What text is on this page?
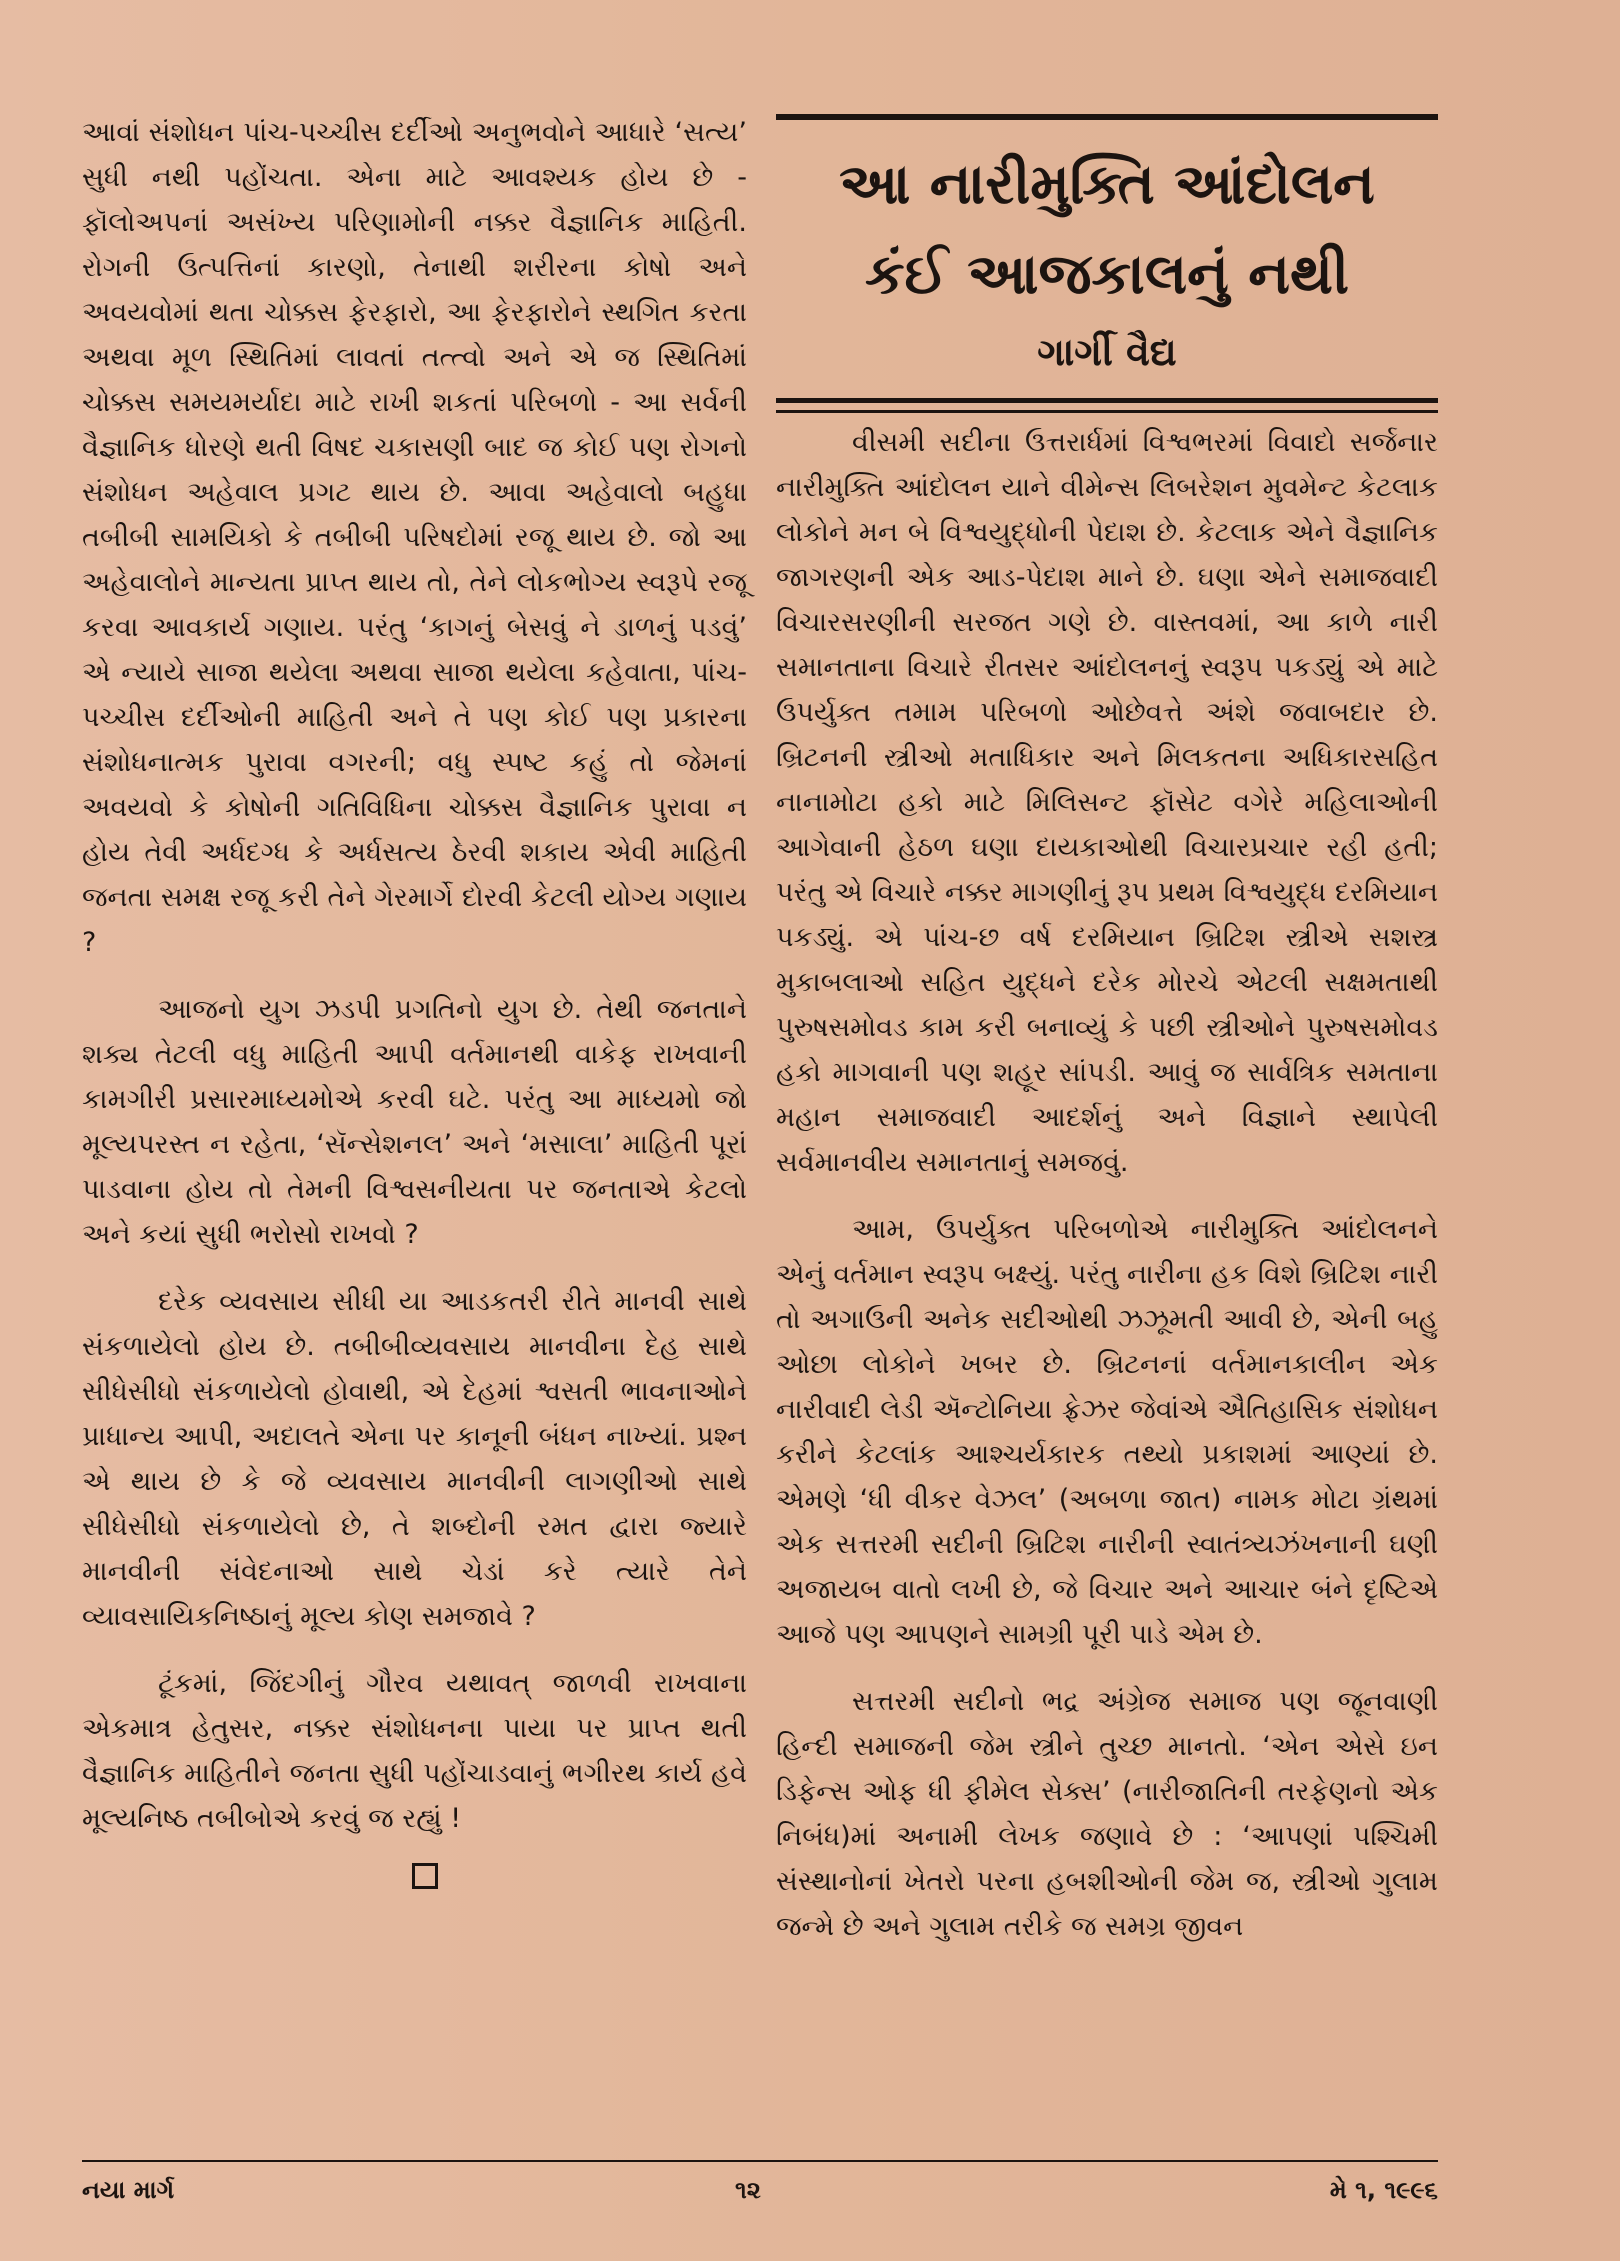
આવાં સંશોધન પાંચ-પચ્ચીસ દર્દીઓ અનુભવોને આધારે ‘સત્ય’ સુધી નથી પહોંચતા. એના માટે આવશ્યક હોય છે - ફૉલોઅપનાં અસંખ્ય પરિણામોની નક્કર વૈજ્ઞાનિક માહિતી. રોગની ઉત્પત્તિનાં કારણો, તેનાથી શરીરના કોષો અને અવયવોમાં થતા ચોક્કસ ફેરફારો, આ ફેરફારોને સ્થગિત કરતા અથવા મૂળ સ્થિતિમાં લાવતાં તત્ત્વો અને એ જ સ્થિતિમાં ચોક્કસ સમયમર્યાદા માટે રાખી શકતાં પરિબળો - આ સર્વની વૈજ્ઞાનિક ધોરણે થતી વિષદ ચકાસણી બાદ જ કોઈ પણ રોગનો સંશોધન અહેવાલ પ્રગટ થાય છે. આવા અહેવાલો બહુધા તબીબી સામયિકો કે તબીબી પરિષદોમાં રજૂ થાય છે. જો આ અહેવાલોને માન્યતા પ્રાપ્ત થાય તો, તેને લોકભોગ્ય સ્વરૂપે રજૂ કરવા આવકાર્ય ગણાય. પરંતુ ‘કાગનું બેસવું ને ડાળનું પડવું’ એ ન્યાયે સાજા થયેલા અથવા સાજા થયેલા કહેવાતા, પાંચ-પચ્ચીસ દર્દીઓની માહિતી અને તે પણ કોઈ પણ પ્રકારના સંશોધનાત્મક પુરાવા વગરની; વધુ સ્પષ્ટ કહું તો જેમનાં અવયવો કે કોષોની ગતિવિધિના ચોક્કસ વૈજ્ઞાનિક પુરાવા ન હોય તેવી અર્ધદગ્ધ કે અર્ધસત્ય ઠેરવી શકાય એવી માહિતી જનતા સમક્ષ રજૂ કરી તેને ગેરમાર્ગે દોરવી કેટલી યોગ્ય ગણાય ?

આજનો યુગ ઝડપી પ્રગતિનો યુગ છે. તેથી જનતાને શક્ય તેટલી વધુ માહિતી આપી વર્તમાનથી વાકેફ રાખવાની કામગીરી પ્રસારમાધ્યમોએ કરવી ઘટે. પરંતુ આ માધ્યમો જો મૂલ્યપરસ્ત ન રહેતા, ‘સૅન્સેશનલ’ અને ‘મસાલા’ માહિતી પૂરાં પાડવાના હોય તો તેમની વિશ્વસનીયતા પર જનતાએ કેટલો અને કયાં સુધી ભરોસો રાખવો ?

દરેક વ્યવસાય સીધી યા આડકતરી રીતે માનવી સાથે સંકળાયેલો હોય છે. તબીબીવ્યવસાય માનવીના દેહ સાથે સીધેસીધો સંકળાયેલો હોવાથી, એ દેહમાં શ્વસતી ભાવનાઓને પ્રાધાન્ય આપી, અદાલતે એના પર કાનૂની બંધન નાખ્યાં. પ્રશ્ન એ થાય છે કે જે વ્યવસાય માનવીની લાગણીઓ સાથે સીધેસીધો સંકળાયેલો છે, તે શબ્દોની રમત દ્વારા જ્યારે માનવીની સંવેદનાઓ સાથે ચેડાં કરે ત્યારે તેને વ્યાવસાયિકનિષ્ઠાનું મૂલ્ય કોણ સમજાવે ?

ટૂંકમાં, જિંદગીનું ગૌરવ યથાવત્ જાળવી રાખવાના એકમાત્ર હેતુસર, નક્કર સંશોધનના પાયા પર પ્રાપ્ત થતી વૈજ્ઞાનિક માહિતીને જનતા સુધી પહોંચાડવાનું ભગીરથ કાર્ય હવે મૂલ્યનિષ્ઠ તબીબોએ કરવું જ રહ્યું !

આ નારીમુક્તિ આંદોલન
કંઈ આજકાલનું નથી
ગાર્ગી વૈદ્ય

વીસમી સદીના ઉત્તરાર્ધમાં વિશ્વભરમાં વિવાદો સર્જનાર નારીમુક્તિ આંદોલન યાને વીમેન્સ લિબરેશન મુવમેન્ટ કેટલાક લોકોને મન બે વિશ્વયુદ્ધોની પેદાશ છે. કેટલાક એને વૈજ્ઞાનિક જાગરણની એક આડ-પેદાશ માને છે. ઘણા એને સમાજવાદી વિચારસરણીની સરજત ગણે છે. વાસ્તવમાં, આ કાળે નારી સમાનતાના વિચારે રીતસર આંદોલનનું સ્વરૂપ પકડ્યું એ માટે ઉપર્યુક્ત તમામ પરિબળો ઓછેવત્તે અંશે જવાબદાર છે. બ્રિટનની સ્ત્રીઓ મતાધિકાર અને મિલકતના અધિકારસહિત નાનામોટા હકો માટે મિલિસન્ટ ફૉસેટ વગેરે મહિલાઓની આગેવાની હેઠળ ઘણા દાયકાઓથી વિચારપ્રચાર રહી હતી; પરંતુ એ વિચારે નક્કર માગણીનું રૂપ પ્રથમ વિશ્વયુદ્ધ દરમિયાન પકડ્યું. એ પાંચ-છ વર્ષ દરમિયાન બ્રિટિશ સ્ત્રીએ સશસ્ત્ર મુકાબલાઓ સહિત યુદ્ધને દરેક મોરચે એટલી સક્ષમતાથી પુરુષસમોવડ કામ કરી બનાવ્યું કે પછી સ્ત્રીઓને પુરુષસમોવડ હકો માગવાની પણ શહૂર સાંપડી. આવું જ સાર્વત્રિક સમતાના મહાન સમાજવાદી આદર્શનું અને વિજ્ઞાને સ્થાપેલી સર્વમાનવીય સમાનતાનું સમજવું.

આમ, ઉપર્યુક્ત પરિબળોએ નારીમુક્તિ આંદોલનને એનું વર્તમાન સ્વરૂપ બક્ષ્યું. પરંતુ નારીના હક વિશે બ્રિટિશ નારી તો અગાઉની અનેક સદીઓથી ઝઝૂમતી આવી છે, એની બહુ ઓછા લોકોને ખબર છે. બ્રિટનનાં વર્તમાનકાલીન એક નારીવાદી લેડી ઍન્ટોનિયા ફ્રેઝર જેવાંએ ઐતિહાસિક સંશોધન કરીને કેટલાંક આશ્ચર્યકારક તથ્યો પ્રકાશમાં આણ્યાં છે. એમણે ‘ધી વીકર વેઝલ’ (અબળા જાત) નામક મોટા ગ્રંથમાં એક સત્તરમી સદીની બ્રિટિશ નારીની સ્વાતંત્ર્યઝંખનાની ઘણી અજાયબ વાતો લખી છે, જે વિચાર અને આચાર બંને દૃષ્ટિએ આજે પણ આપણને સામગ્રી પૂરી પાડે એમ છે.

સત્તરમી સદીનો ભદ્ર અંગ્રેજ સમાજ પણ જૂનવાણી હિન્દી સમાજની જેમ સ્ત્રીને તુચ્છ માનતો. ‘એન એસે ઇન ડિફેન્સ ઓફ ધી ફીમેલ સેક્સ’ (નારીજાતિની તરફેણનો એક નિબંધ)માં અનામી લેખક જણાવે છે : ‘આપણાં પશ્ચિમી સંસ્થાનોનાં ખેતરો પરના હબશીઓની જેમ જ, સ્ત્રીઓ ગુલામ જન્મે છે અને ગુલામ તરીકે જ સમગ્ર જીવન

નયા માર્ગ	૧૨	મે ૧, ૧૯૯૬
